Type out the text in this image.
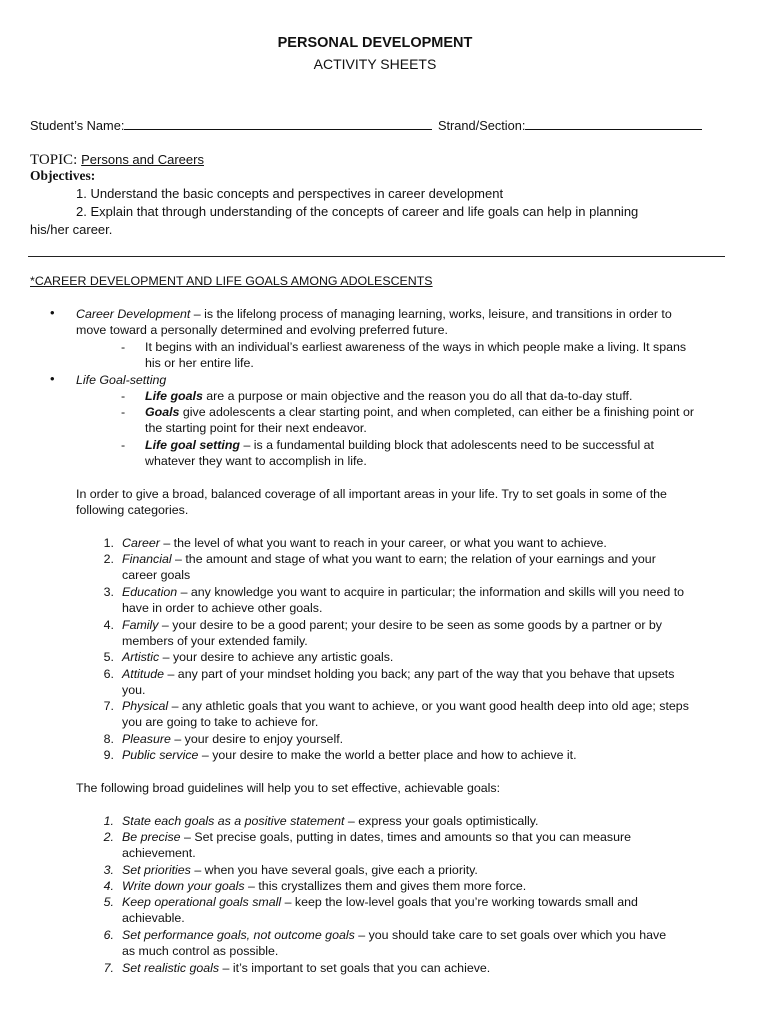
PERSONAL DEVELOPMENT
ACTIVITY SHEETS
Student’s Name:	Strand/Section:
TOPIC: Persons and Careers
Objectives:
1. Understand the basic concepts and perspectives in career development
2. Explain that through understanding of the concepts of career and life goals can help in planning
his/her career.
*CAREER DEVELOPMENT AND LIFE GOALS AMONG ADOLESCENTS
• Career Development – is the lifelong process of managing learning, works, leisure, and transitions in order to
move toward a personally determined and evolving preferred future.
- It begins with an individual’s earliest awareness of the ways in which people make a living. It spans
his or her entire life.
• Life Goal-setting
- Life goals are a purpose or main objective and the reason you do all that da-to-day stuff.
- Goals give adolescents a clear starting point, and when completed, can either be a finishing point or
the starting point for their next endeavor.
- Life goal setting – is a fundamental building block that adolescents need to be successful at
whatever they want to accomplish in life.
In order to give a broad, balanced coverage of all important areas in your life. Try to set goals in some of the
following categories.
1. Career – the level of what you want to reach in your career, or what you want to achieve.
2. Financial – the amount and stage of what you want to earn; the relation of your earnings and your
career goals
3. Education – any knowledge you want to acquire in particular; the information and skills will you need to
have in order to achieve other goals.
4. Family – your desire to be a good parent; your desire to be seen as some goods by a partner or by
members of your extended family.
5. Artistic – your desire to achieve any artistic goals.
6. Attitude – any part of your mindset holding you back; any part of the way that you behave that upsets
you.
7. Physical – any athletic goals that you want to achieve, or you want good health deep into old age; steps
you are going to take to achieve for.
8. Pleasure – your desire to enjoy yourself.
9. Public service – your desire to make the world a better place and how to achieve it.
The following broad guidelines will help you to set effective, achievable goals:
1. State each goals as a positive statement – express your goals optimistically.
2. Be precise – Set precise goals, putting in dates, times and amounts so that you can measure
achievement.
3. Set priorities – when you have several goals, give each a priority.
4. Write down your goals – this crystallizes them and gives them more force.
5. Keep operational goals small – keep the low-level goals that you’re working towards small and
achievable.
6. Set performance goals, not outcome goals – you should take care to set goals over which you have
as much control as possible.
7. Set realistic goals – it’s important to set goals that you can achieve.
